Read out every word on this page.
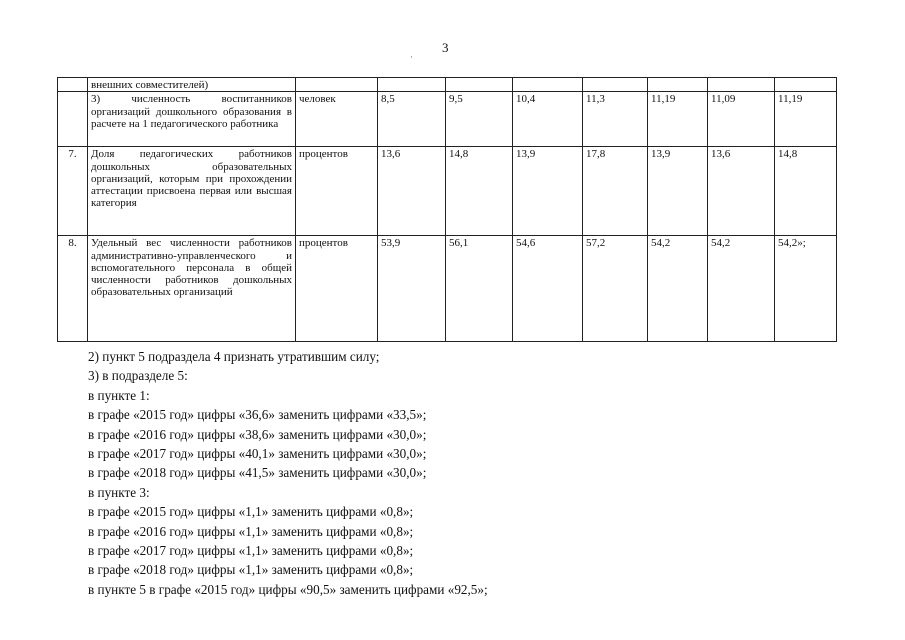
3
·
	внешних совместителей)								
	3) численность воспитанников организаций дошкольного образования в расчете на 1 педагогического работника	человек	8,5	9,5	10,4	11,3	11,19	11,09	11,19
7.	Доля педагогических работников дошкольных образовательных организаций, которым при прохождении аттестации присвоена первая или высшая категория	процентов	13,6	14,8	13,9	17,8	13,9	13,6	14,8
8.	Удельный вес численности работников административно-управленческого и вспомогательного персонала в общей численности работников дошкольных образовательных организаций	процентов	53,9	56,1	54,6	57,2	54,2	54,2	54,2»;
2) пункт 5 подраздела 4 признать утратившим силу;
3) в подразделе 5:
в пункте 1:
в графе «2015 год» цифры «36,6» заменить цифрами «33,5»;
в графе «2016 год» цифры «38,6» заменить цифрами «30,0»;
в графе «2017 год» цифры «40,1» заменить цифрами «30,0»;
в графе «2018 год» цифры «41,5» заменить цифрами «30,0»;
в пункте 3:
в графе «2015 год» цифры «1,1» заменить цифрами «0,8»;
в графе «2016 год» цифры «1,1» заменить цифрами «0,8»;
в графе «2017 год» цифры «1,1» заменить цифрами «0,8»;
в графе «2018 год» цифры «1,1» заменить цифрами «0,8»;
в пункте 5 в графе «2015 год» цифры «90,5» заменить цифрами «92,5»;
